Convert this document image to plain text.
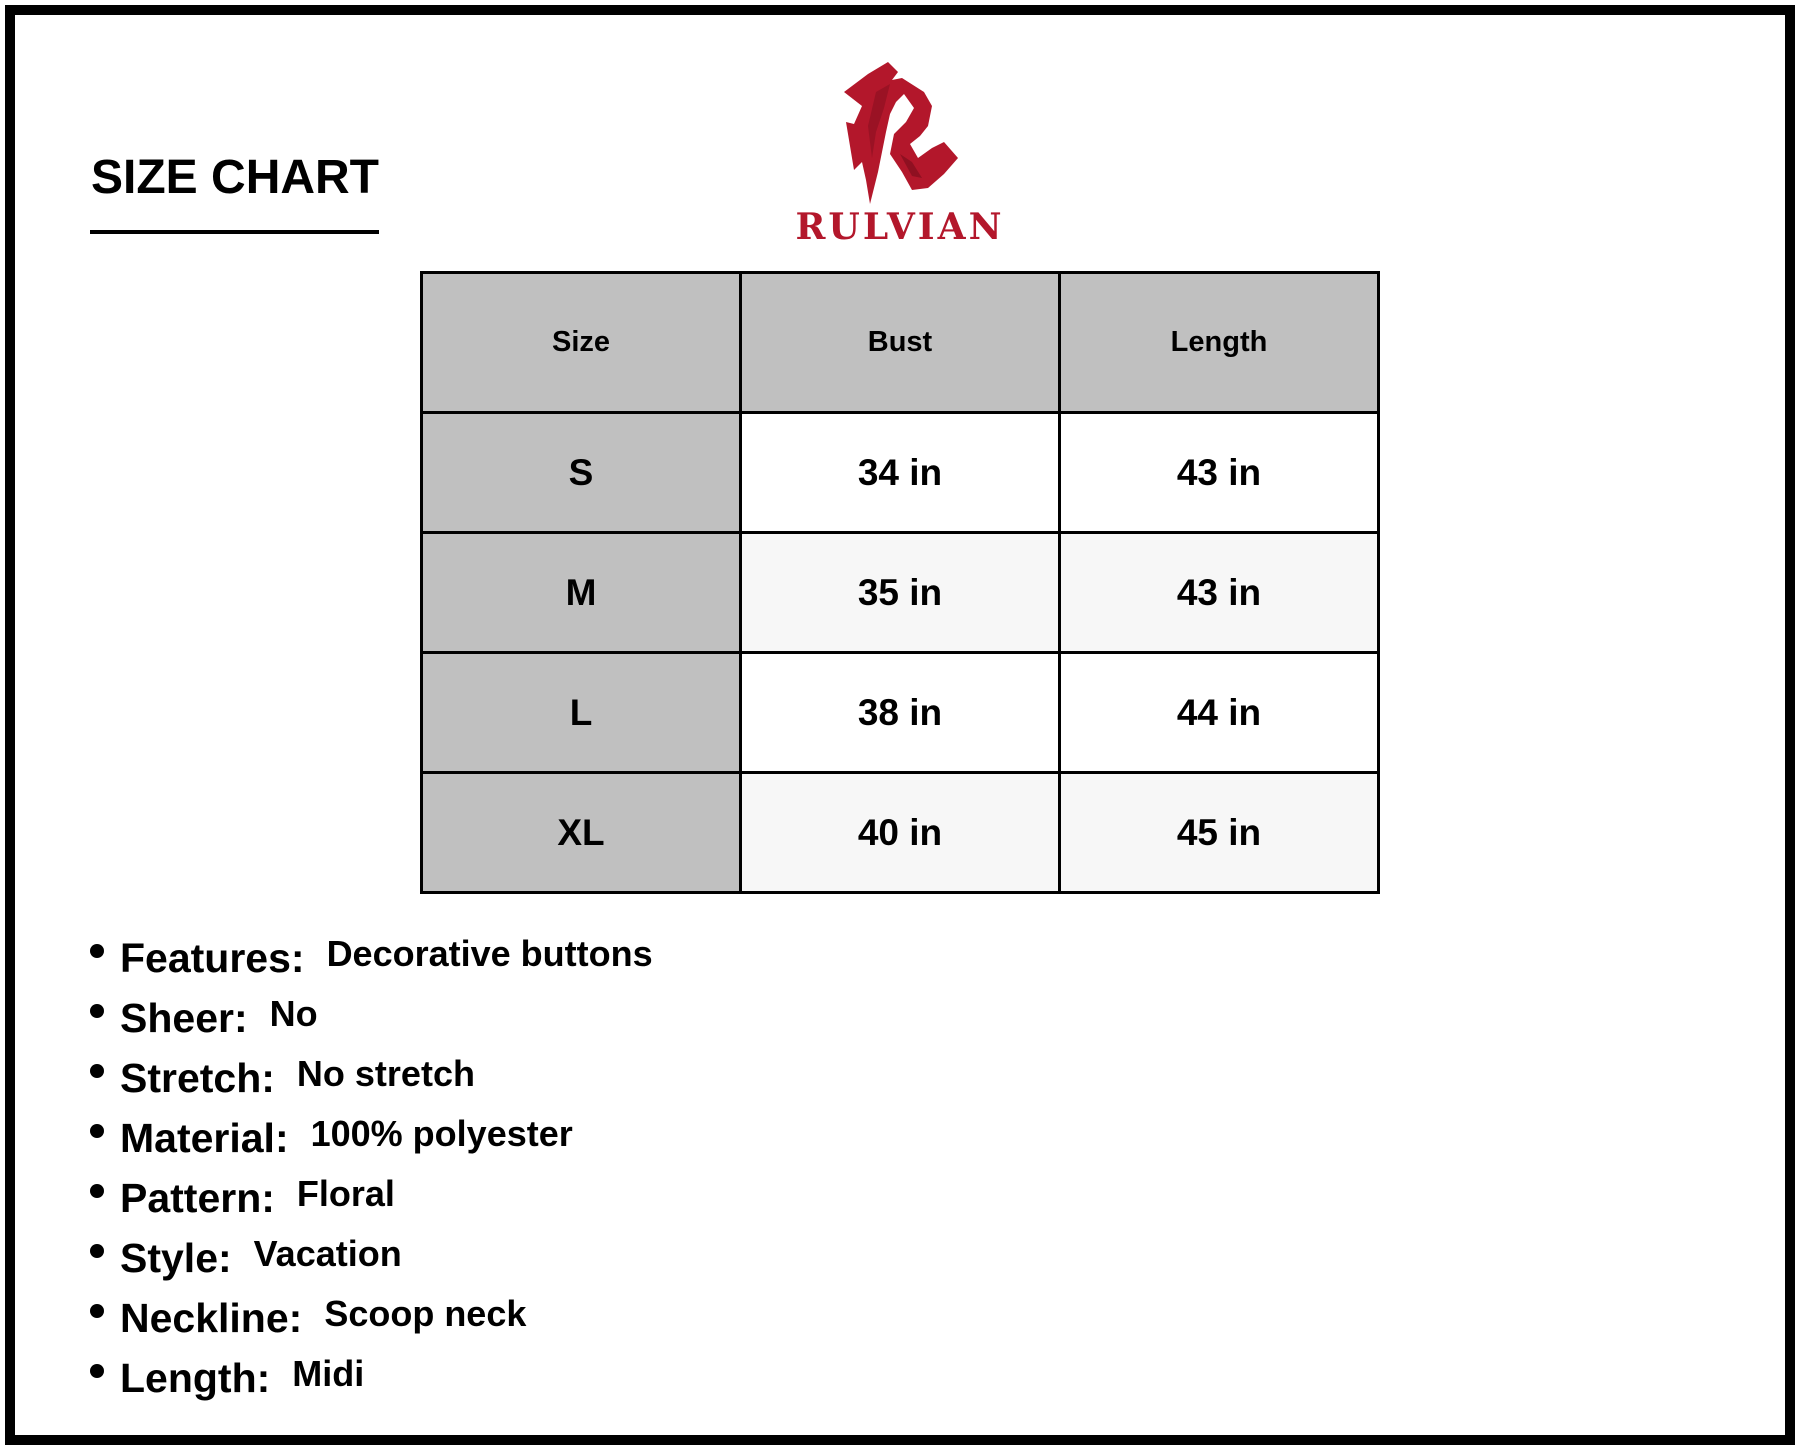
SIZE CHART
RULVIAN
Size	Bust	Length
S	34 in	43 in
M	35 in	43 in
L	38 in	44 in
XL	40 in	45 in
Features: Decorative buttons
Sheer: No
Stretch: No stretch
Material: 100% polyester
Pattern: Floral
Style: Vacation
Neckline: Scoop neck
Length: Midi
